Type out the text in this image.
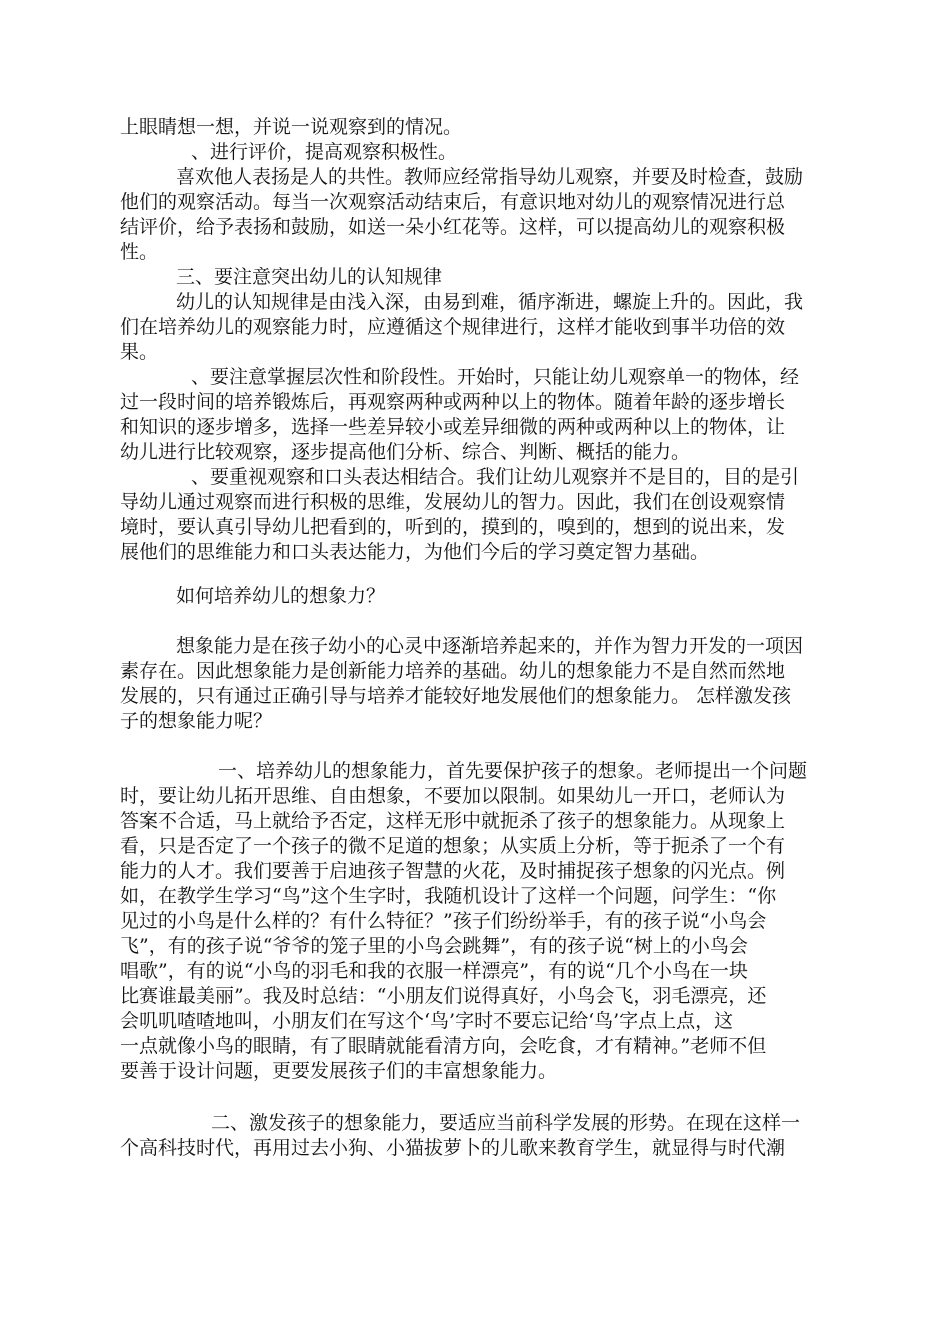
上眼睛想一想，并说一说观察到的情况。
、进行评价，提高观察积极性。
喜欢他人表扬是人的共性。教师应经常指导幼儿观察，并要及时检查，鼓励
他们的观察活动。每当一次观察活动结束后，有意识地对幼儿的观察情况进行总
结评价，给予表扬和鼓励，如送一朵小红花等。这样，可以提高幼儿的观察积极
性。
三、要注意突出幼儿的认知规律
幼儿的认知规律是由浅入深，由易到难，循序渐进，螺旋上升的。因此，我
们在培养幼儿的观察能力时，应遵循这个规律进行，这样才能收到事半功倍的效
果。
、要注意掌握层次性和阶段性。开始时，只能让幼儿观察单一的物体，经
过一段时间的培养锻炼后，再观察两种或两种以上的物体。随着年龄的逐步增长
和知识的逐步增多，选择一些差异较小或差异细微的两种或两种以上的物体，让
幼儿进行比较观察，逐步提高他们分析、综合、判断、概括的能力。
、要重视观察和口头表达相结合。我们让幼儿观察并不是目的，目的是引
导幼儿通过观察而进行积极的思维，发展幼儿的智力。因此，我们在创设观察情
境时，要认真引导幼儿把看到的，听到的，摸到的，嗅到的，想到的说出来，发
展他们的思维能力和口头表达能力，为他们今后的学习奠定智力基础。
如何培养幼儿的想象力？
想象能力是在孩子幼小的心灵中逐渐培养起来的，并作为智力开发的一项因
素存在。因此想象能力是创新能力培养的基础。幼儿的想象能力不是自然而然地
发展的，只有通过正确引导与培养才能较好地发展他们的想象能力。 怎样激发孩
子的想象能力呢？
一、培养幼儿的想象能力，首先要保护孩子的想象。老师提出一个问题
时，要让幼儿拓开思维、自由想象，不要加以限制。如果幼儿一开口，老师认为
答案不合适，马上就给予否定，这样无形中就扼杀了孩子的想象能力。从现象上
看，只是否定了一个孩子的微不足道的想象；从实质上分析，等于扼杀了一个有
能力的人才。我们要善于启迪孩子智慧的火花，及时捕捉孩子想象的闪光点。例
如，在教学生学习“鸟”这个生字时，我随机设计了这样一个问题，问学生：“你
见过的小鸟是什么样的？有什么特征？”孩子们纷纷举手，有的孩子说“小鸟会
飞”，有的孩子说“爷爷的笼子里的小鸟会跳舞”，有的孩子说“树上的小鸟会
唱歌”，有的说“小鸟的羽毛和我的衣服一样漂亮”，有的说“几个小鸟在一块
比赛谁最美丽”。我及时总结：“小朋友们说得真好，小鸟会飞，羽毛漂亮，还
会叽叽喳喳地叫，小朋友们在写这个‘鸟’字时不要忘记给‘鸟’字点上点，这
一点就像小鸟的眼睛，有了眼睛就能看清方向，会吃食，才有精神。”老师不但
要善于设计问题，更要发展孩子们的丰富想象能力。
二、激发孩子的想象能力，要适应当前科学发展的形势。在现在这样一
个高科技时代，再用过去小狗、小猫拔萝卜的儿歌来教育学生，就显得与时代潮
